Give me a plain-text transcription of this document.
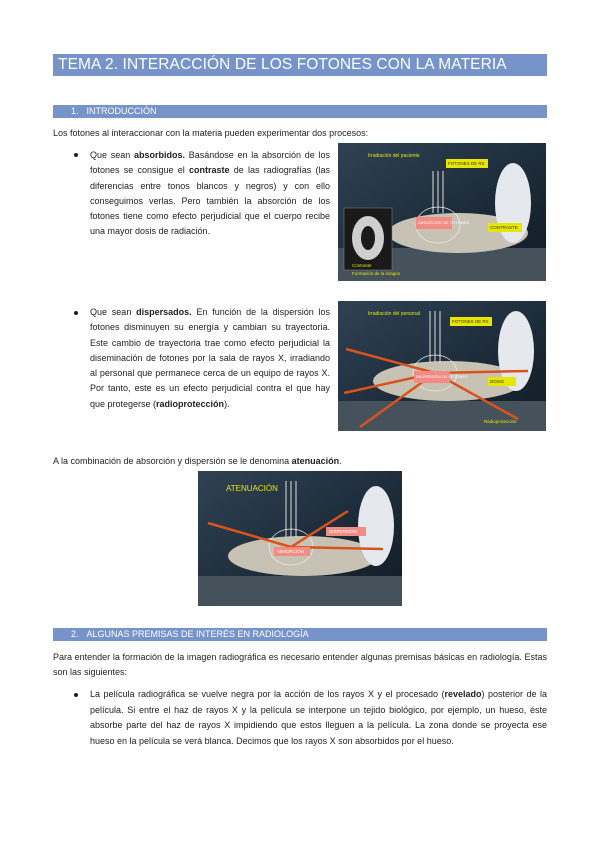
TEMA 2. INTERACCIÓN DE LOS FOTONES CON LA MATERIA
1. INTRODUCCIÓN
Los fotones al interaccionar con la materia pueden experimentar dos procesos:
Que sean absorbidos. Basándose en la absorción de los fotones se consigue el contraste de las radiografías (las diferencias entre tonos blancos y negros) y con ello conseguimos verlas. Pero también la absorción de los fotones tiene como efecto perjudicial que el cuerpo recibe una mayor dosis de radiación.
Irradiación del paciente
FOTONES DE RX
ABSORCIÓN DE FOTONES
CONTRASTE
Contraste
Formación de la imagen
Que sean dispersados. En función de la dispersión los fotones disminuyen su energía y cambian su trayectoria. Este cambio de trayectoria trae como efecto perjudicial la diseminación de fotones por la sala de rayos X, irradiando al personal que permanece cerca de un equipo de rayos X. Por tanto, este es un efecto perjudicial contra el que hay que protegerse (radioprotección).
Irradiación del personal
FOTONES DE RX
DISPERSIÓN DE FOTONES
DOSIS
Radioprotección
A la combinación de absorción y dispersión se le denomina atenuación.
ATENUACIÓN
DISPERSIÓN
ABSORCIÓN
2. ALGUNAS PREMISAS DE INTERÉS EN RADIOLOGÍA
Para entender la formación de la imagen radiográfica es necesario entender algunas premisas básicas en radiología. Estas son las siguientes:
La película radiográfica se vuelve negra por la acción de los rayos X y el procesado (revelado) posterior de la película. Si entre el haz de rayos X y la película se interpone un tejido biológico, por ejemplo, un hueso, éste absorbe parte del haz de rayos X impidiendo que estos lleguen a la película. La zona donde se proyecta ese hueso en la película se verá blanca. Decimos que los rayos X son absorbidos por el hueso.
